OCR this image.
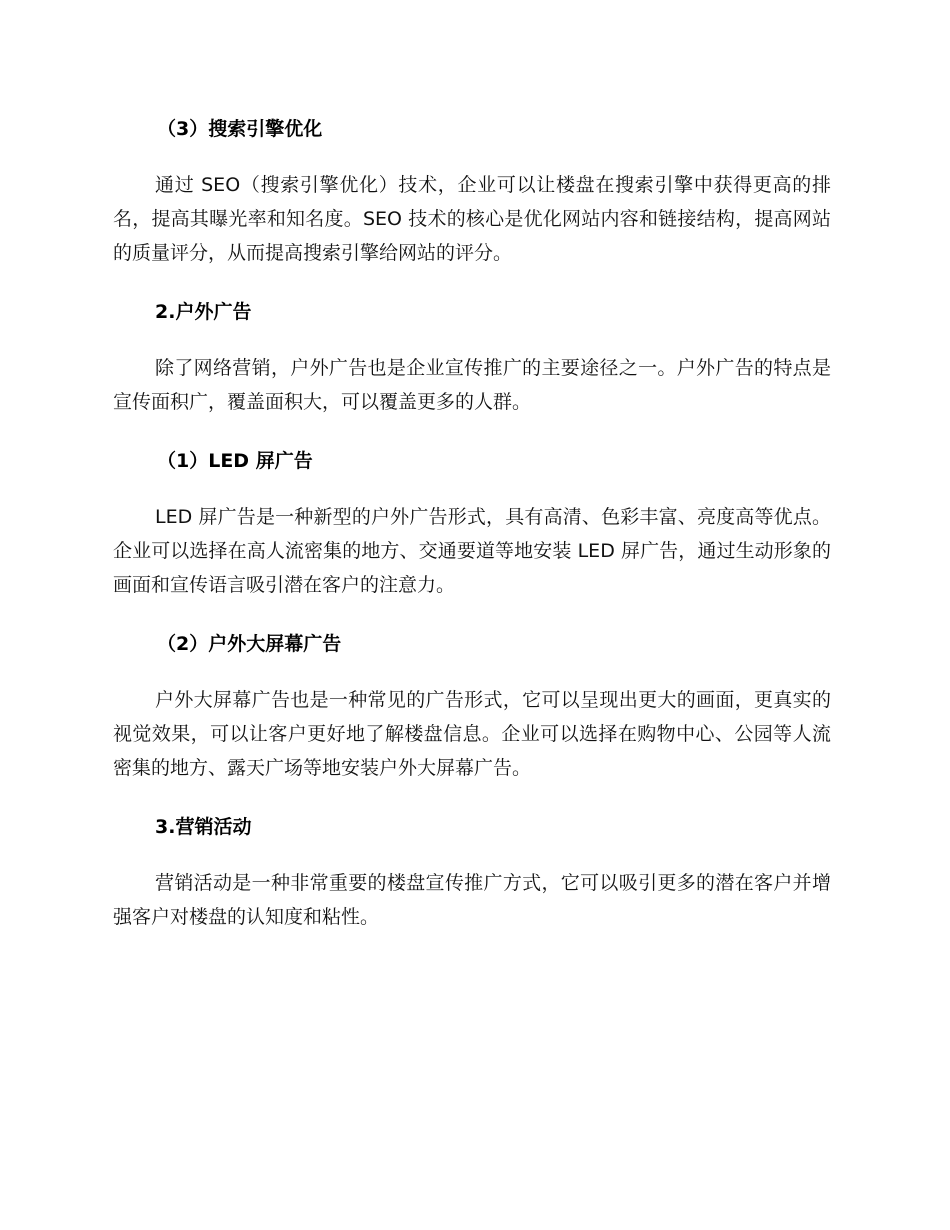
（3）搜索引擎优化

通过 SEO（搜索引擎优化）技术，企业可以让楼盘在搜索引擎中获得更高的排名，提高其曝光率和知名度。SEO 技术的核心是优化网站内容和链接结构，提高网站的质量评分，从而提高搜索引擎给网站的评分。

2.户外广告

除了网络营销，户外广告也是企业宣传推广的主要途径之一。户外广告的特点是宣传面积广，覆盖面积大，可以覆盖更多的人群。

（1）LED 屏广告

LED 屏广告是一种新型的户外广告形式，具有高清、色彩丰富、亮度高等优点。企业可以选择在高人流密集的地方、交通要道等地安装 LED 屏广告，通过生动形象的画面和宣传语言吸引潜在客户的注意力。

（2）户外大屏幕广告

户外大屏幕广告也是一种常见的广告形式，它可以呈现出更大的画面，更真实的视觉效果，可以让客户更好地了解楼盘信息。企业可以选择在购物中心、公园等人流密集的地方、露天广场等地安装户外大屏幕广告。

3.营销活动

营销活动是一种非常重要的楼盘宣传推广方式，它可以吸引更多的潜在客户并增强客户对楼盘的认知度和粘性。
